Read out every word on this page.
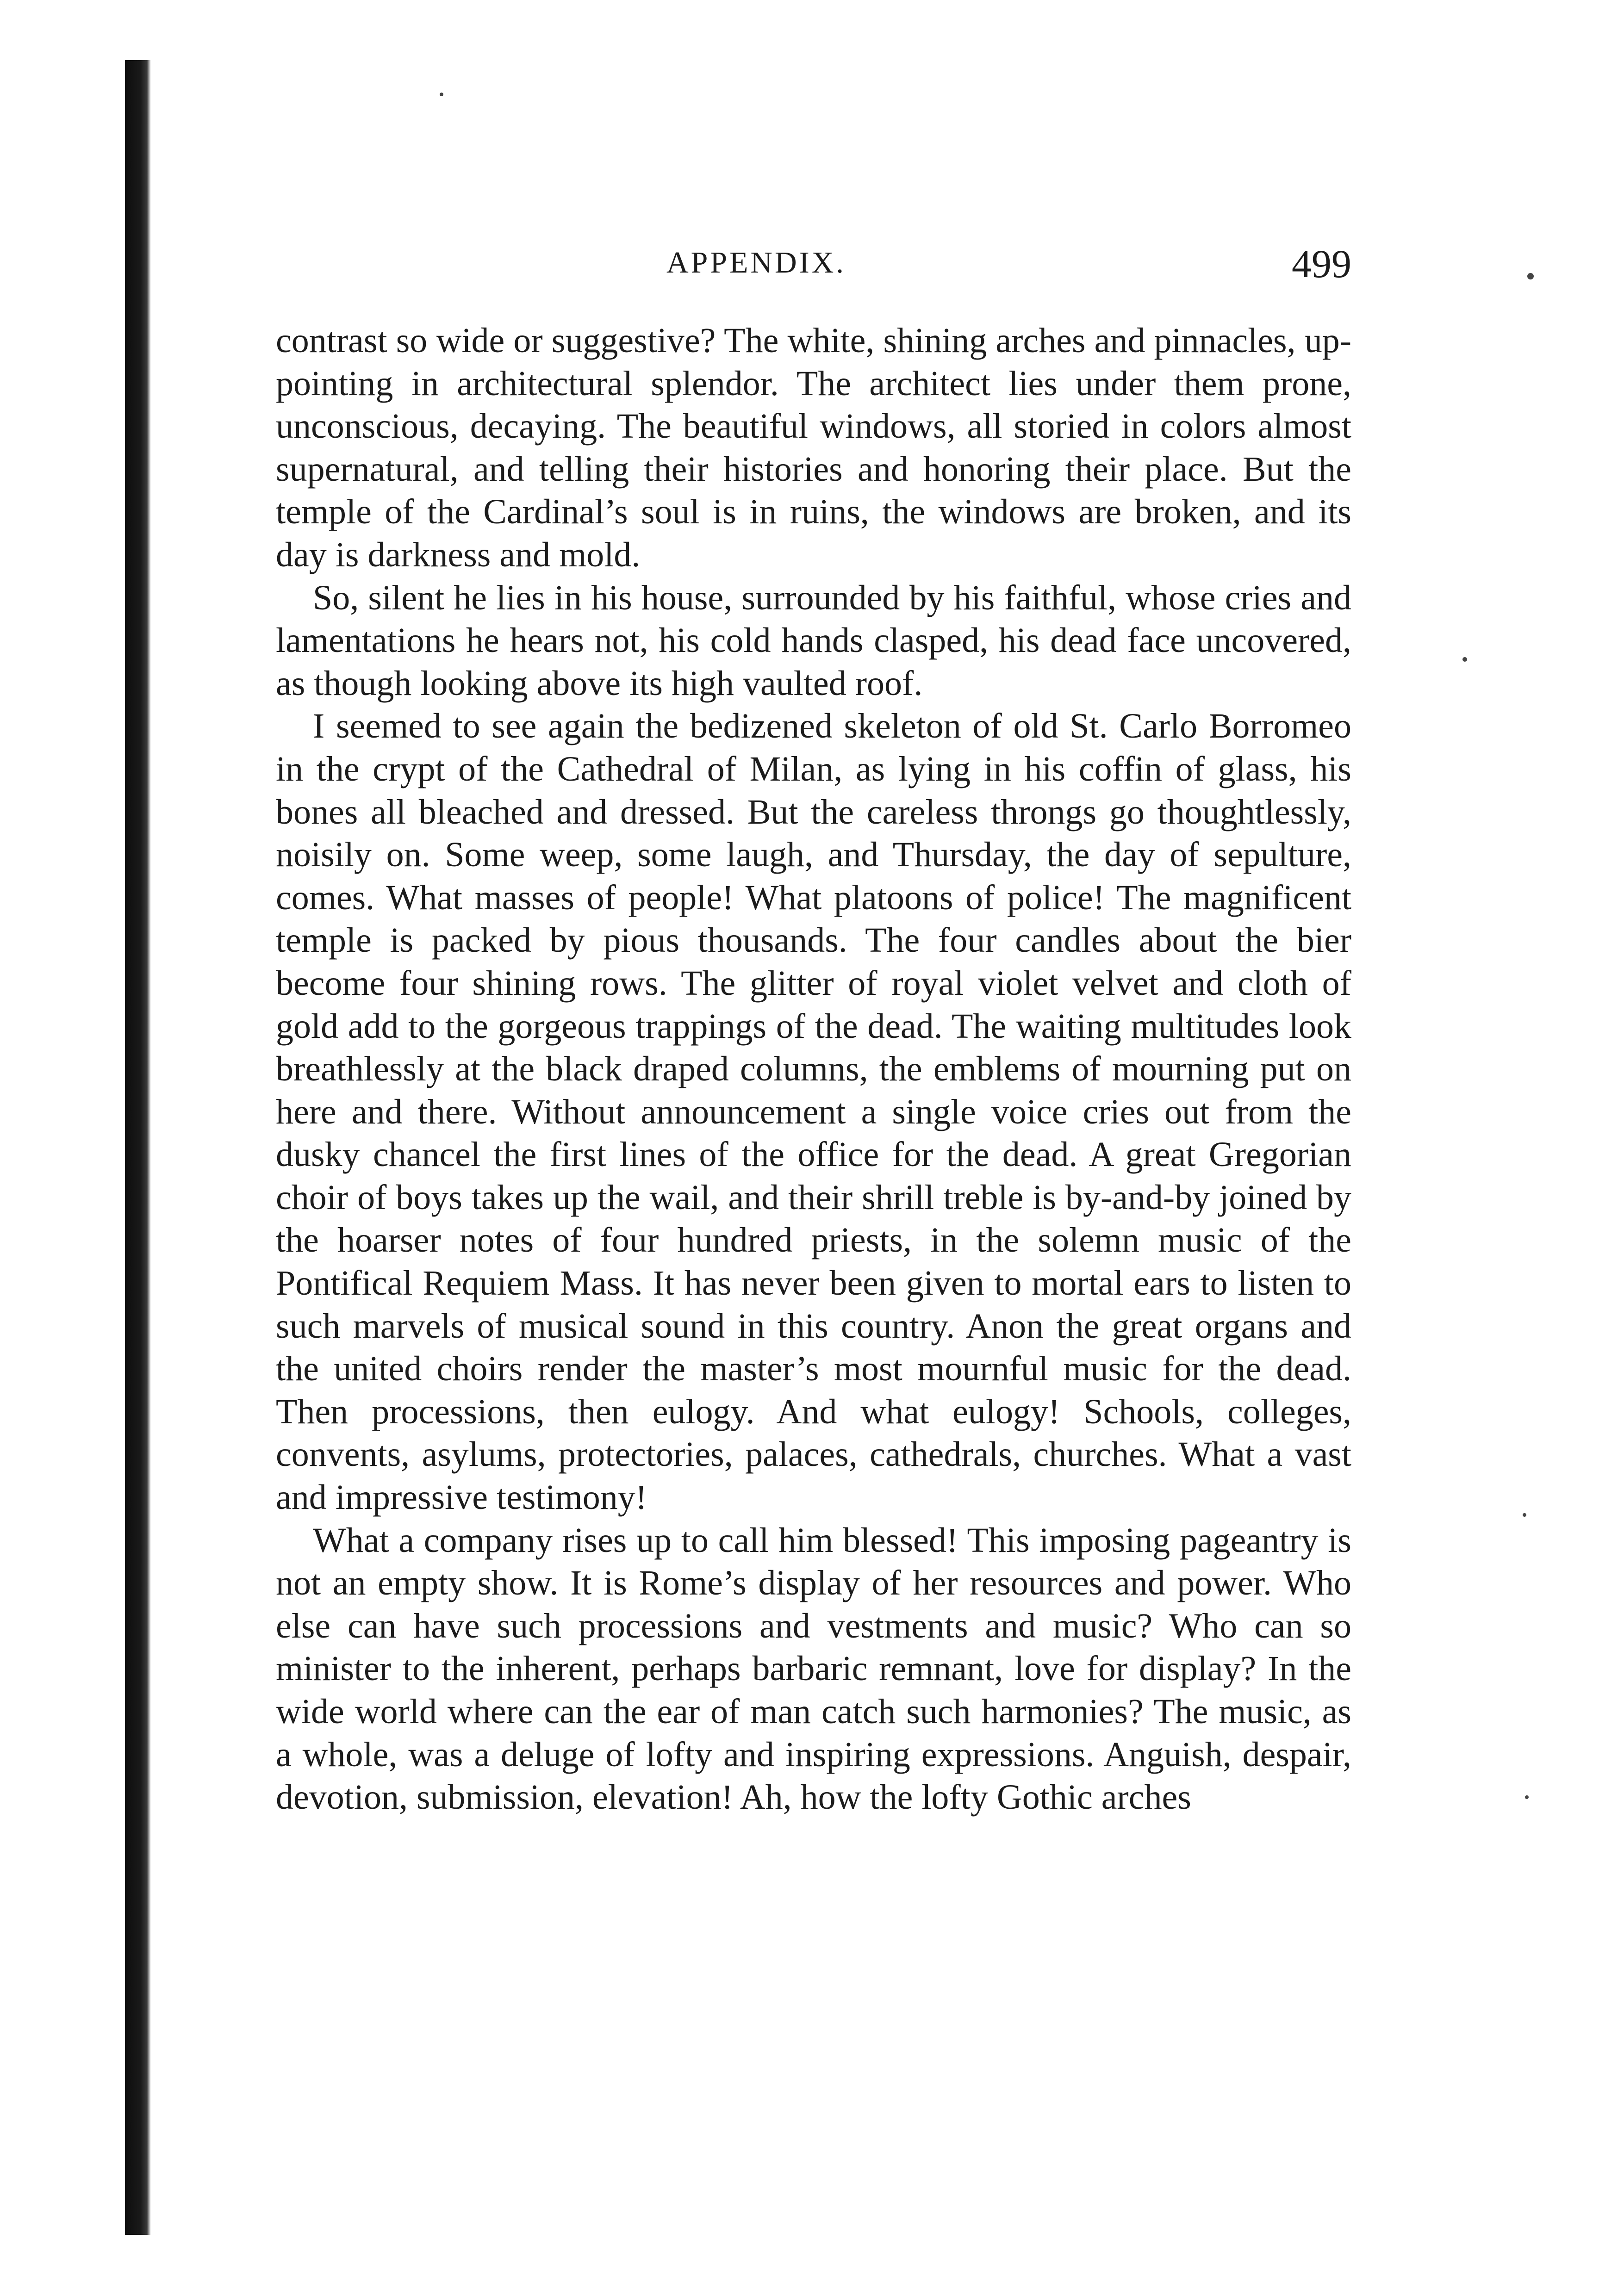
APPENDIX.	499

contrast so wide or suggestive? The white, shining arches and pinnacles, up-pointing in architectural splendor. The architect lies under them prone, unconscious, decaying. The beautiful windows, all storied in colors almost supernatural, and telling their histories and honoring their place. But the temple of the Cardinal’s soul is in ruins, the windows are broken, and its day is darkness and mold.

So, silent he lies in his house, surrounded by his faithful, whose cries and lamentations he hears not, his cold hands clasped, his dead face uncovered, as though looking above its high vaulted roof.

I seemed to see again the bedizened skeleton of old St. Carlo Borromeo in the crypt of the Cathedral of Milan, as lying in his coffin of glass, his bones all bleached and dressed. But the careless throngs go thoughtlessly, noisily on. Some weep, some laugh, and Thursday, the day of sepulture, comes. What masses of people! What platoons of police! The magnificent temple is packed by pious thousands. The four candles about the bier become four shining rows. The glitter of royal violet velvet and cloth of gold add to the gorgeous trappings of the dead. The waiting multitudes look breathlessly at the black draped columns, the emblems of mourning put on here and there. Without announcement a single voice cries out from the dusky chancel the first lines of the office for the dead. A great Gregorian choir of boys takes up the wail, and their shrill treble is by-and-by joined by the hoarser notes of four hundred priests, in the solemn music of the Pontifical Requiem Mass. It has never been given to mortal ears to listen to such marvels of musical sound in this country. Anon the great organs and the united choirs render the master’s most mournful music for the dead. Then processions, then eulogy. And what eulogy! Schools, colleges, convents, asylums, protectories, palaces, cathedrals, churches. What a vast and impressive testimony!

What a company rises up to call him blessed! This imposing pageantry is not an empty show. It is Rome’s display of her resources and power. Who else can have such processions and vestments and music? Who can so minister to the inherent, perhaps barbaric remnant, love for display? In the wide world where can the ear of man catch such harmonies? The music, as a whole, was a deluge of lofty and inspiring expressions. Anguish, despair, devotion, submission, elevation! Ah, how the lofty Gothic arches
